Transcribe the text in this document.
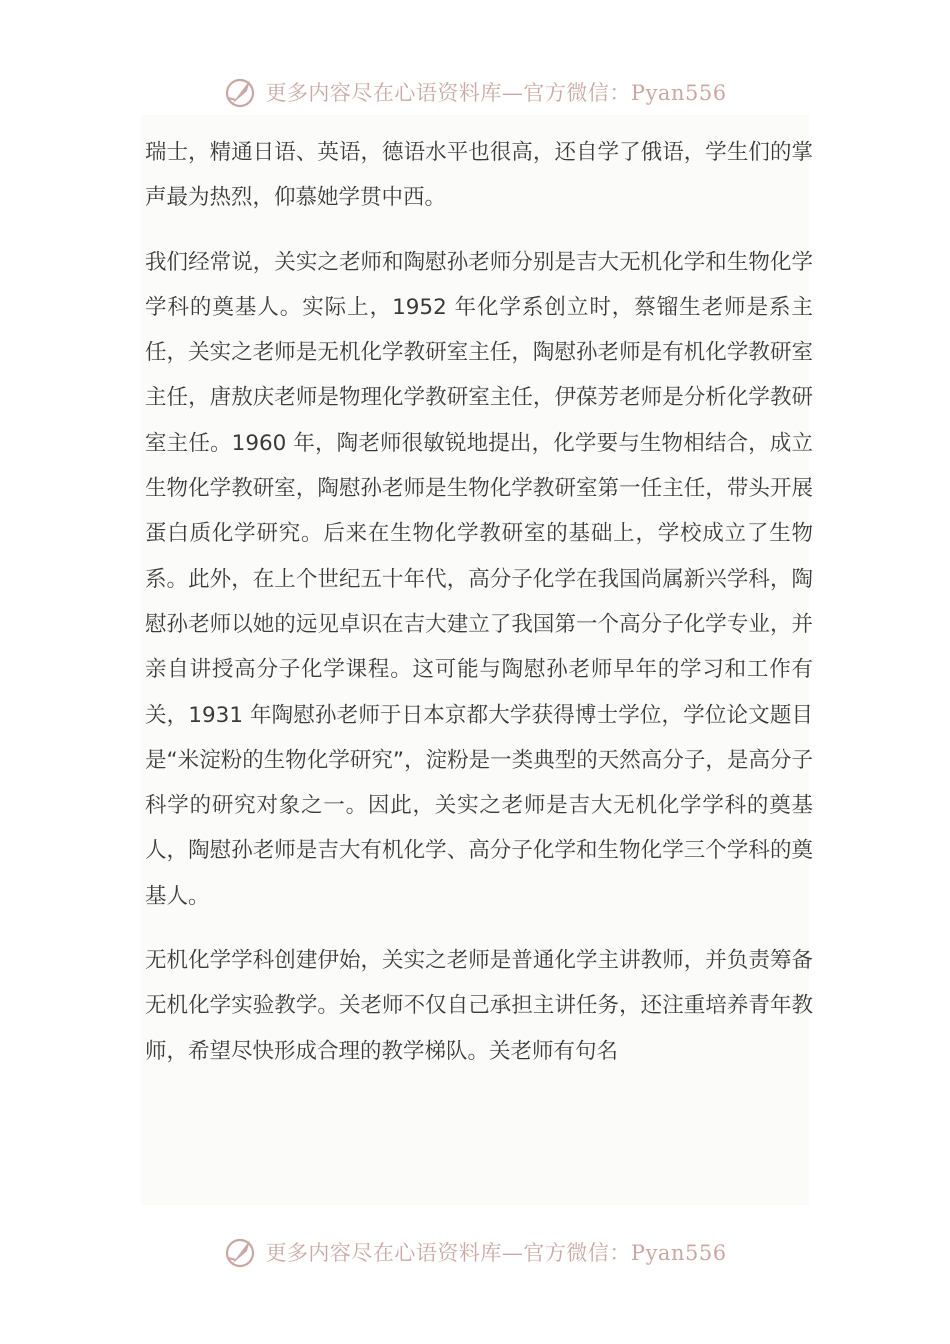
更多内容尽在心语资料库—官方微信：Pyan556

瑞士，精通日语、英语，德语水平也很高，还自学了俄语，学生们的掌声最为热烈，仰慕她学贯中西。

我们经常说，关实之老师和陶慰孙老师分别是吉大无机化学和生物化学学科的奠基人。实际上，1952 年化学系创立时，蔡镏生老师是系主任，关实之老师是无机化学教研室主任，陶慰孙老师是有机化学教研室主任，唐敖庆老师是物理化学教研室主任，伊葆芳老师是分析化学教研室主任。1960 年，陶老师很敏锐地提出，化学要与生物相结合，成立生物化学教研室，陶慰孙老师是生物化学教研室第一任主任，带头开展蛋白质化学研究。后来在生物化学教研室的基础上，学校成立了生物系。此外，在上个世纪五十年代，高分子化学在我国尚属新兴学科，陶慰孙老师以她的远见卓识在吉大建立了我国第一个高分子化学专业，并亲自讲授高分子化学课程。这可能与陶慰孙老师早年的学习和工作有关，1931 年陶慰孙老师于日本京都大学获得博士学位，学位论文题目是“米淀粉的生物化学研究”，淀粉是一类典型的天然高分子，是高分子科学的研究对象之一。因此，关实之老师是吉大无机化学学科的奠基人，陶慰孙老师是吉大有机化学、高分子化学和生物化学三个学科的奠基人。

无机化学学科创建伊始，关实之老师是普通化学主讲教师，并负责筹备无机化学实验教学。关老师不仅自己承担主讲任务，还注重培养青年教师，希望尽快形成合理的教学梯队。关老师有句名

更多内容尽在心语资料库—官方微信：Pyan556
